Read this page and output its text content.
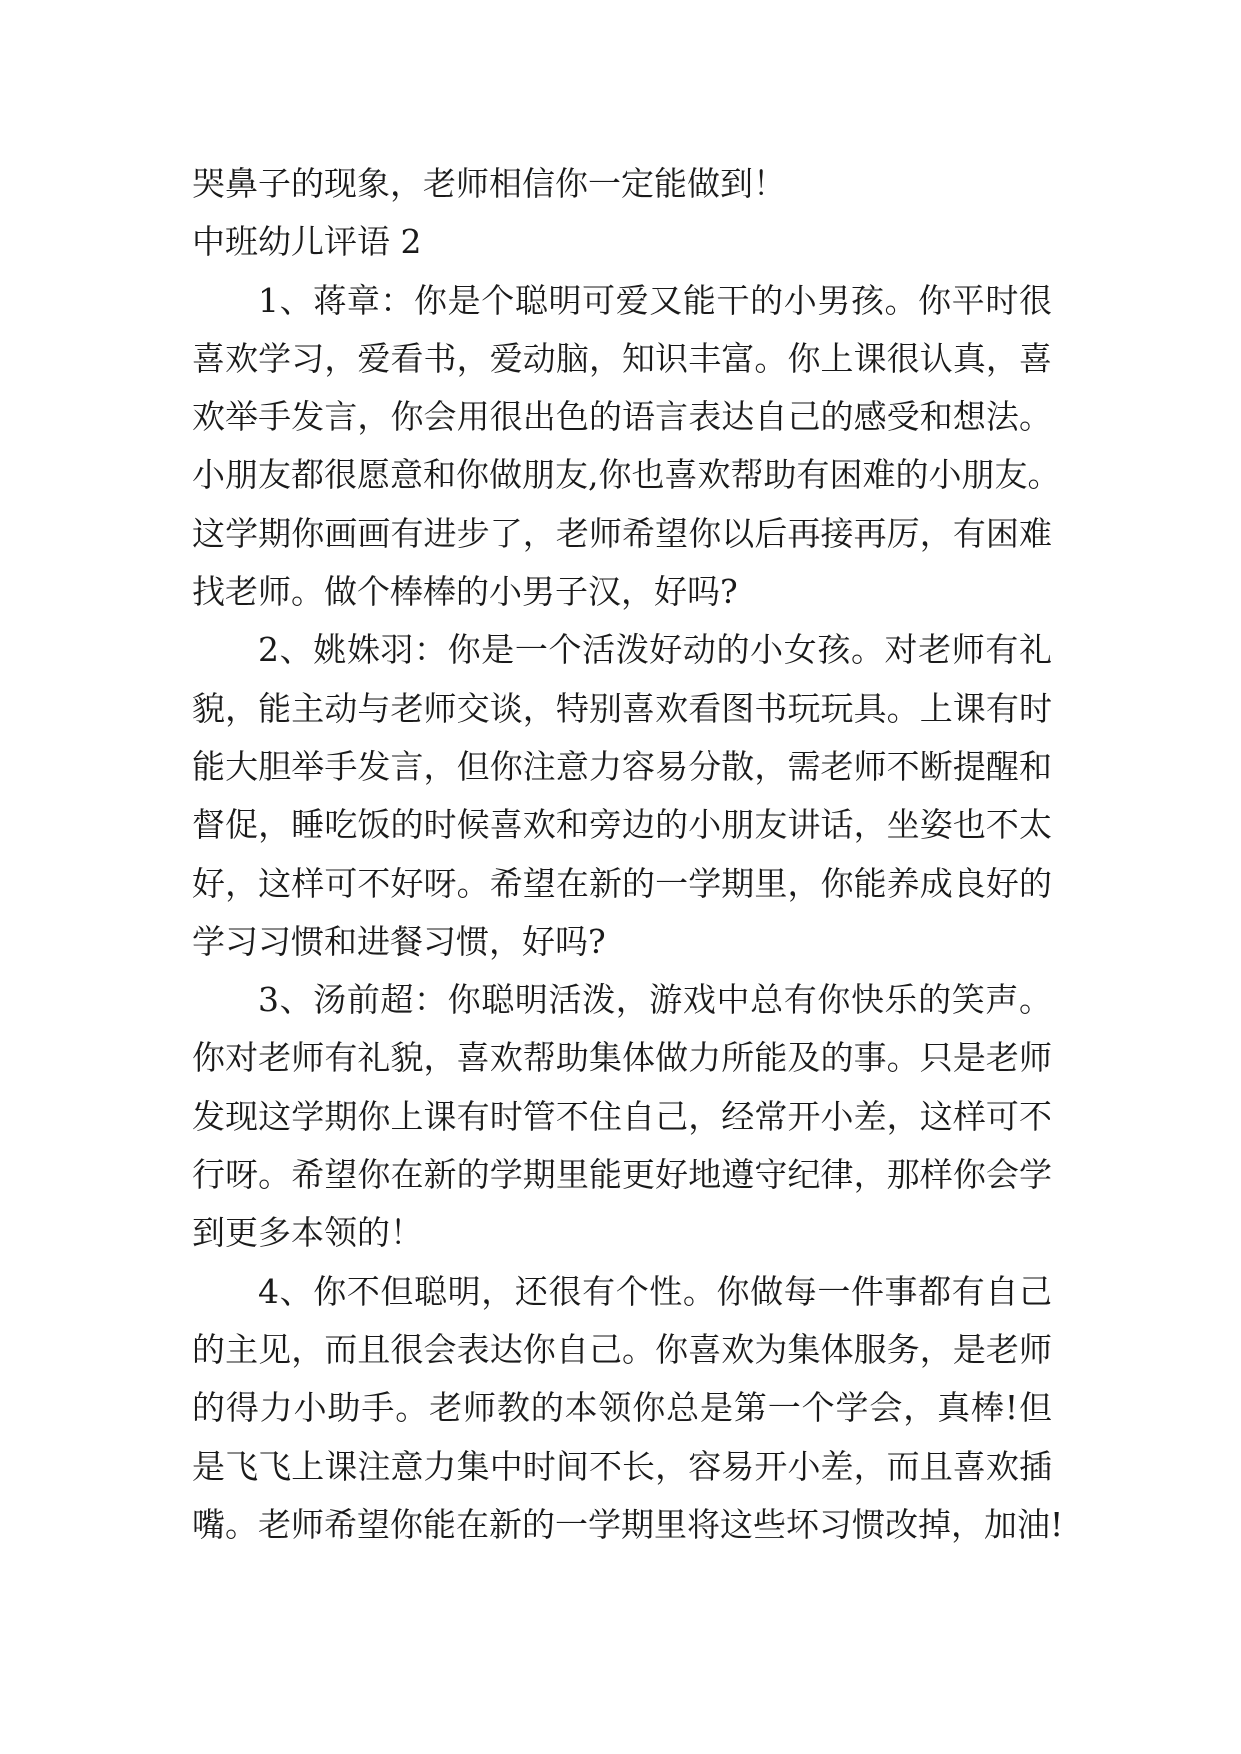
哭鼻子的现象，老师相信你一定能做到！
中班幼儿评语 2
1、蒋章：你是个聪明可爱又能干的小男孩。你平时很
喜欢学习，爱看书，爱动脑，知识丰富。你上课很认真，喜
欢举手发言，你会用很出色的语言表达自己的感受和想法。
小朋友都很愿意和你做朋友,你也喜欢帮助有困难的小朋友。
这学期你画画有进步了，老师希望你以后再接再厉，有困难
找老师。做个棒棒的小男子汉，好吗?
2、姚姝羽：你是一个活泼好动的小女孩。对老师有礼
貌，能主动与老师交谈，特别喜欢看图书玩玩具。上课有时
能大胆举手发言，但你注意力容易分散，需老师不断提醒和
督促，睡吃饭的时候喜欢和旁边的小朋友讲话，坐姿也不太
好，这样可不好呀。希望在新的一学期里，你能养成良好的
学习习惯和进餐习惯，好吗?
3、汤前超：你聪明活泼，游戏中总有你快乐的笑声。
你对老师有礼貌，喜欢帮助集体做力所能及的事。只是老师
发现这学期你上课有时管不住自己，经常开小差，这样可不
行呀。希望你在新的学期里能更好地遵守纪律，那样你会学
到更多本领的！
4、你不但聪明，还很有个性。你做每一件事都有自己
的主见，而且很会表达你自己。你喜欢为集体服务，是老师
的得力小助手。老师教的本领你总是第一个学会，真棒!但
是飞飞上课注意力集中时间不长，容易开小差，而且喜欢插
嘴。老师希望你能在新的一学期里将这些坏习惯改掉，加油!
